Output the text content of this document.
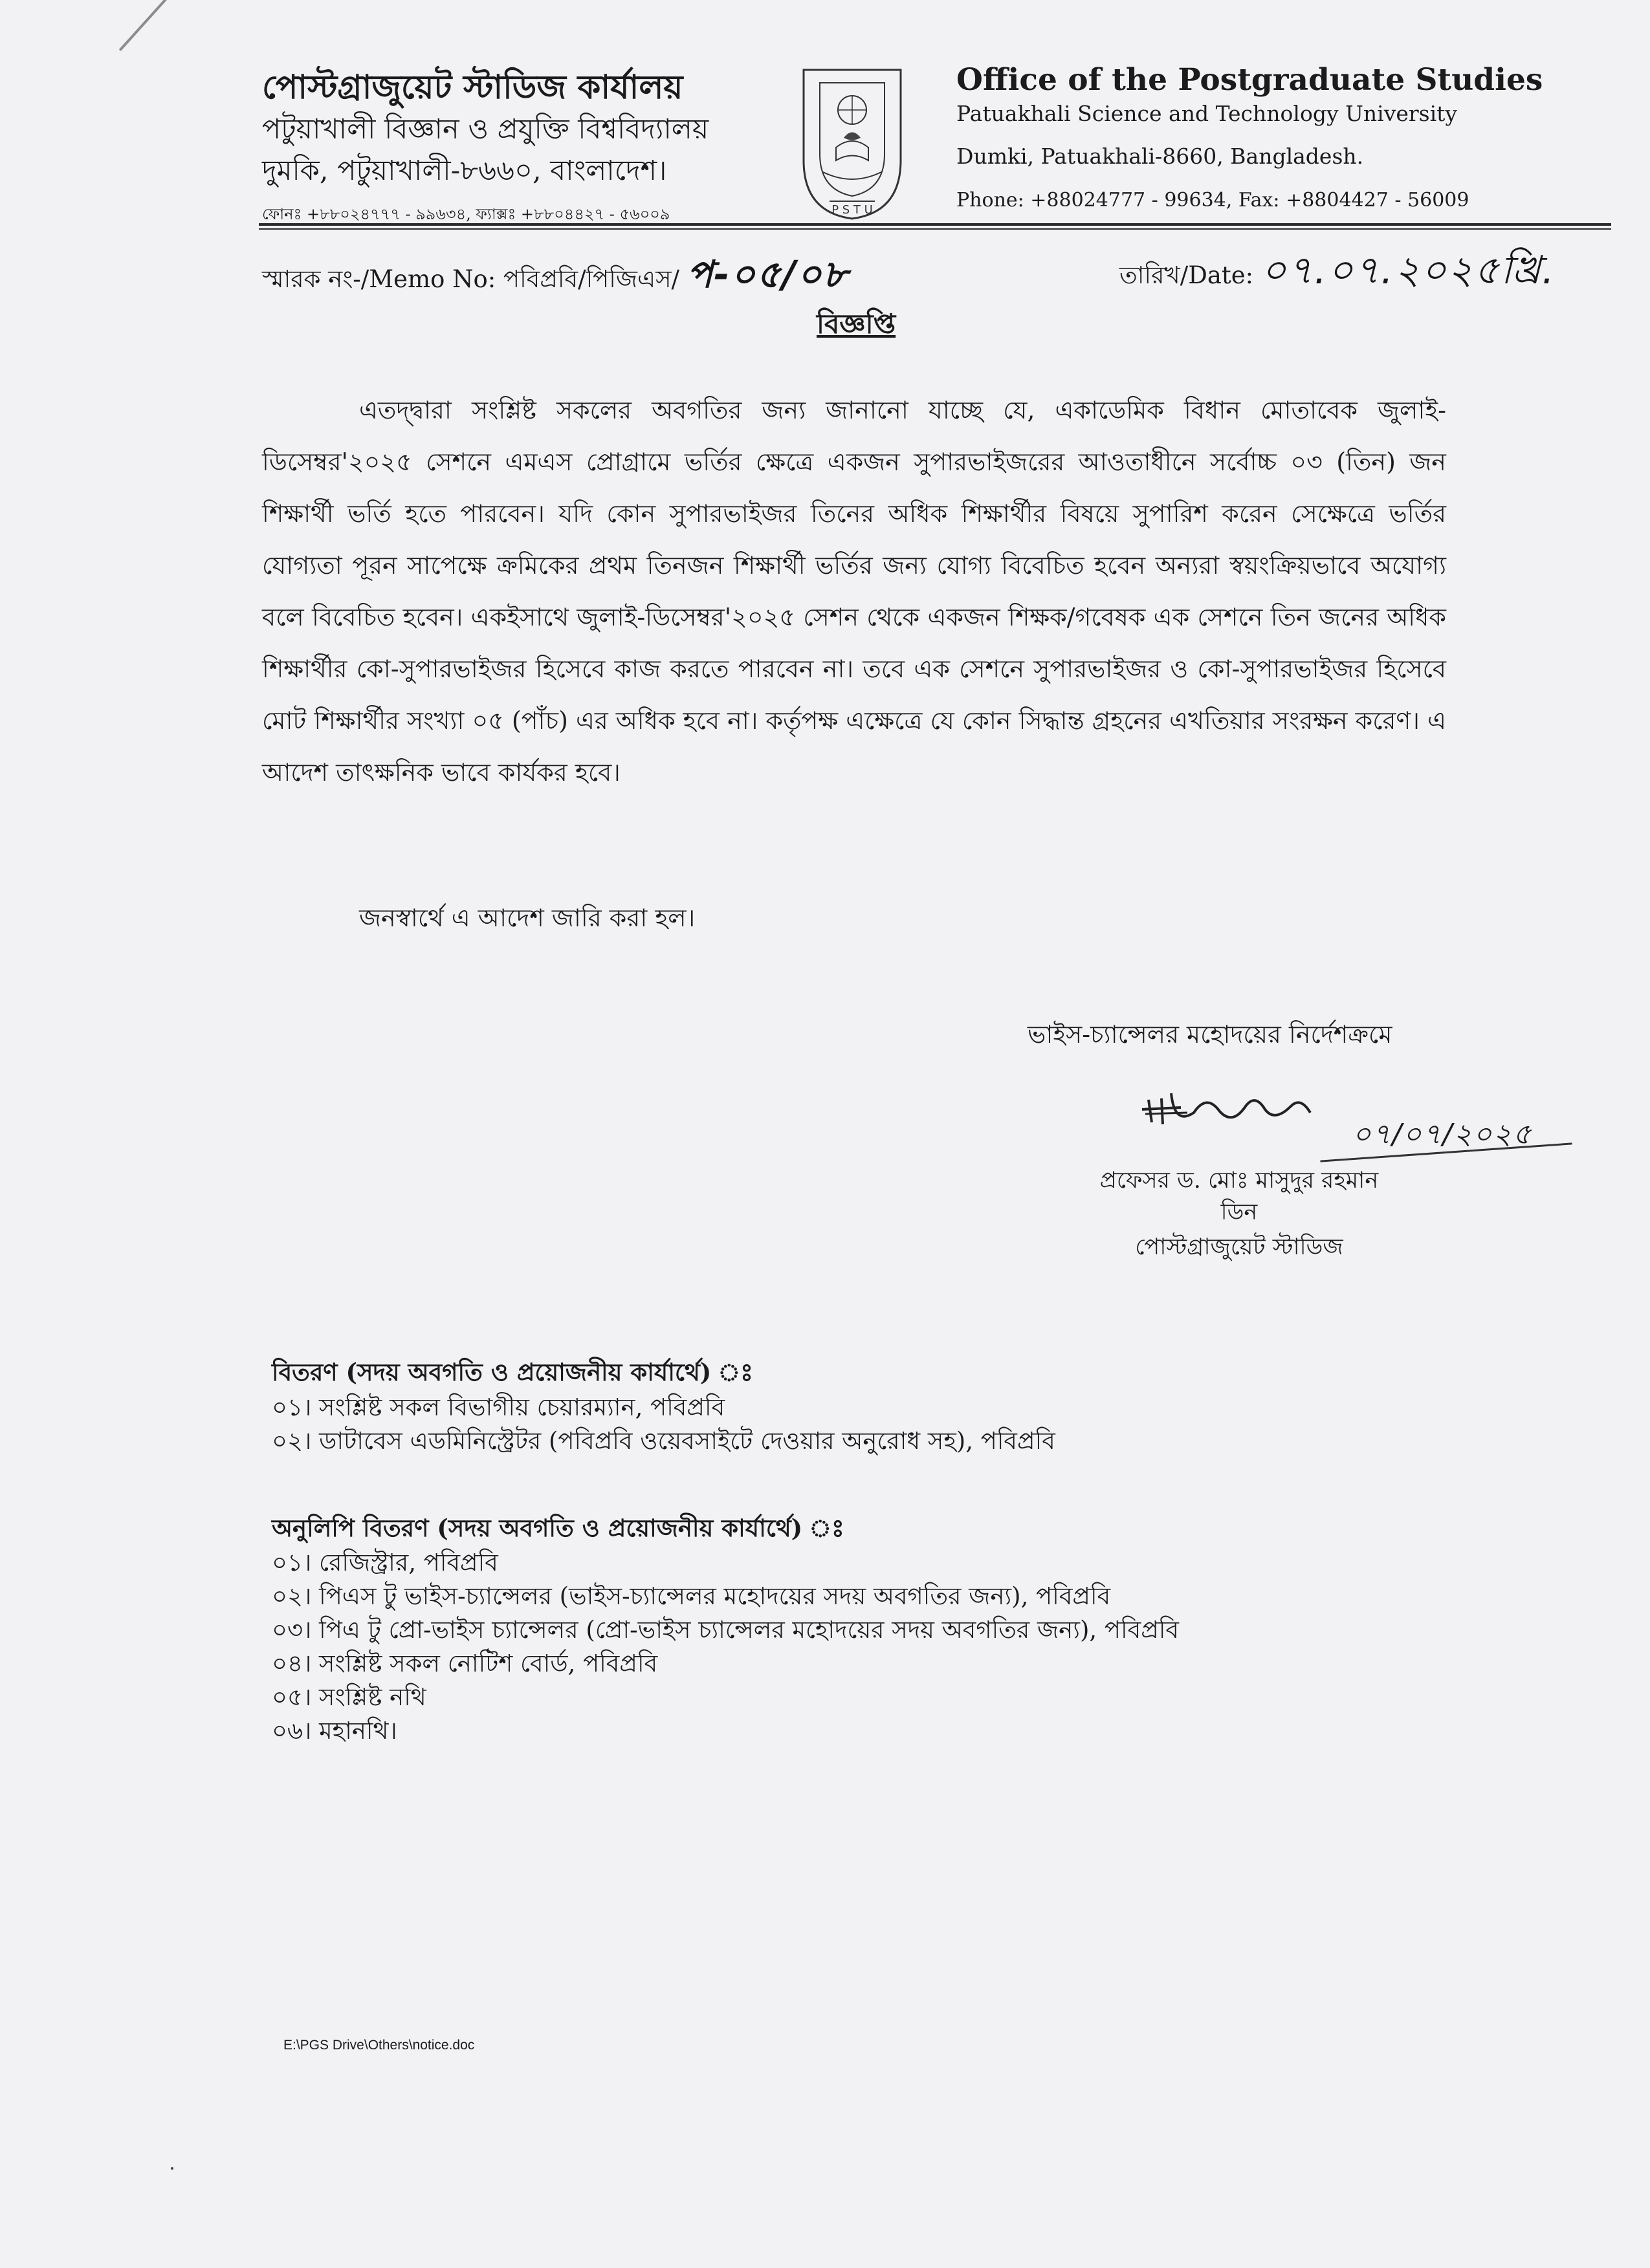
পোস্টগ্রাজুয়েট স্টাডিজ কার্যালয়
পটুয়াখালী বিজ্ঞান ও প্রযুক্তি বিশ্ববিদ্যালয়
দুমকি, পটুয়াখালী-৮৬৬০, বাংলাদেশ।
ফোনঃ +৮৮০২৪৭৭৭ - ৯৯৬৩৪, ফ্যাক্সঃ +৮৮০৪৪২৭ - ৫৬০০৯	P S T U
Office of the Postgraduate Studies
Patuakhali Science and Technology University
Dumki, Patuakhali-8660, Bangladesh.
Phone: +88024777 - 99634, Fax: +8804427 - 56009
স্মারক নং-/Memo No: পবিপ্রবি/পিজিএস/ প-০৫/০৮	তারিখ/Date: ০৭.০৭.২০২৫খ্রি.
বিজ্ঞপ্তি
এতদ্দ্বারা সংশ্লিষ্ট সকলের অবগতির জন্য জানানো যাচ্ছে যে, একাডেমিক বিধান মোতাবেক জুলাই-ডিসেম্বর'২০২৫ সেশনে এমএস প্রোগ্রামে ভর্তির ক্ষেত্রে একজন সুপারভাইজরের আওতাধীনে সর্বোচ্চ ০৩ (তিন) জন শিক্ষার্থী ভর্তি হতে পারবেন। যদি কোন সুপারভাইজর তিনের অধিক শিক্ষার্থীর বিষয়ে সুপারিশ করেন সেক্ষেত্রে ভর্তির যোগ্যতা পূরন সাপেক্ষে ক্রমিকের প্রথম তিনজন শিক্ষার্থী ভর্তির জন্য যোগ্য বিবেচিত হবেন অন্যরা স্বয়ংক্রিয়ভাবে অযোগ্য বলে বিবেচিত হবেন। একইসাথে জুলাই-ডিসেম্বর'২০২৫ সেশন থেকে একজন শিক্ষক/গবেষক এক সেশনে তিন জনের অধিক শিক্ষার্থীর কো-সুপারভাইজর হিসেবে কাজ করতে পারবেন না। তবে এক সেশনে সুপারভাইজর ও কো-সুপারভাইজর হিসেবে মোট শিক্ষার্থীর সংখ্যা ০৫ (পাঁচ) এর অধিক হবে না। কর্তৃপক্ষ এক্ষেত্রে যে কোন সিদ্ধান্ত গ্রহনের এখতিয়ার সংরক্ষন করেণ। এ আদেশ তাৎক্ষনিক ভাবে কার্যকর হবে।
জনস্বার্থে এ আদেশ জারি করা হল।
ভাইস-চ্যান্সেলর মহোদয়ের নির্দেশক্রমে
০৭/০৭/২০২৫
প্রফেসর ড. মোঃ মাসুদুর রহমান
ডিন
পোস্টগ্রাজুয়েট স্টাডিজ
বিতরণ (সদয় অবগতি ও প্রয়োজনীয় কার্যার্থে) ঃ
০১। সংশ্লিষ্ট সকল বিভাগীয় চেয়ারম্যান, পবিপ্রবি
০২। ডাটাবেস এডমিনিস্ট্রেটর (পবিপ্রবি ওয়েবসাইটে দেওয়ার অনুরোধ সহ), পবিপ্রবি
অনুলিপি বিতরণ (সদয় অবগতি ও প্রয়োজনীয় কার্যার্থে) ঃ
০১। রেজিস্ট্রার, পবিপ্রবি
০২। পিএস টু ভাইস-চ্যান্সেলর (ভাইস-চ্যান্সেলর মহোদয়ের সদয় অবগতির জন্য), পবিপ্রবি
০৩। পিএ টু প্রো-ভাইস চ্যান্সেলর (প্রো-ভাইস চ্যান্সেলর মহোদয়ের সদয় অবগতির জন্য), পবিপ্রবি
০৪। সংশ্লিষ্ট সকল নোটিশ বোর্ড, পবিপ্রবি
০৫। সংশ্লিষ্ট নথি
০৬। মহানথি।
E:\PGS Drive\Others\notice.doc
